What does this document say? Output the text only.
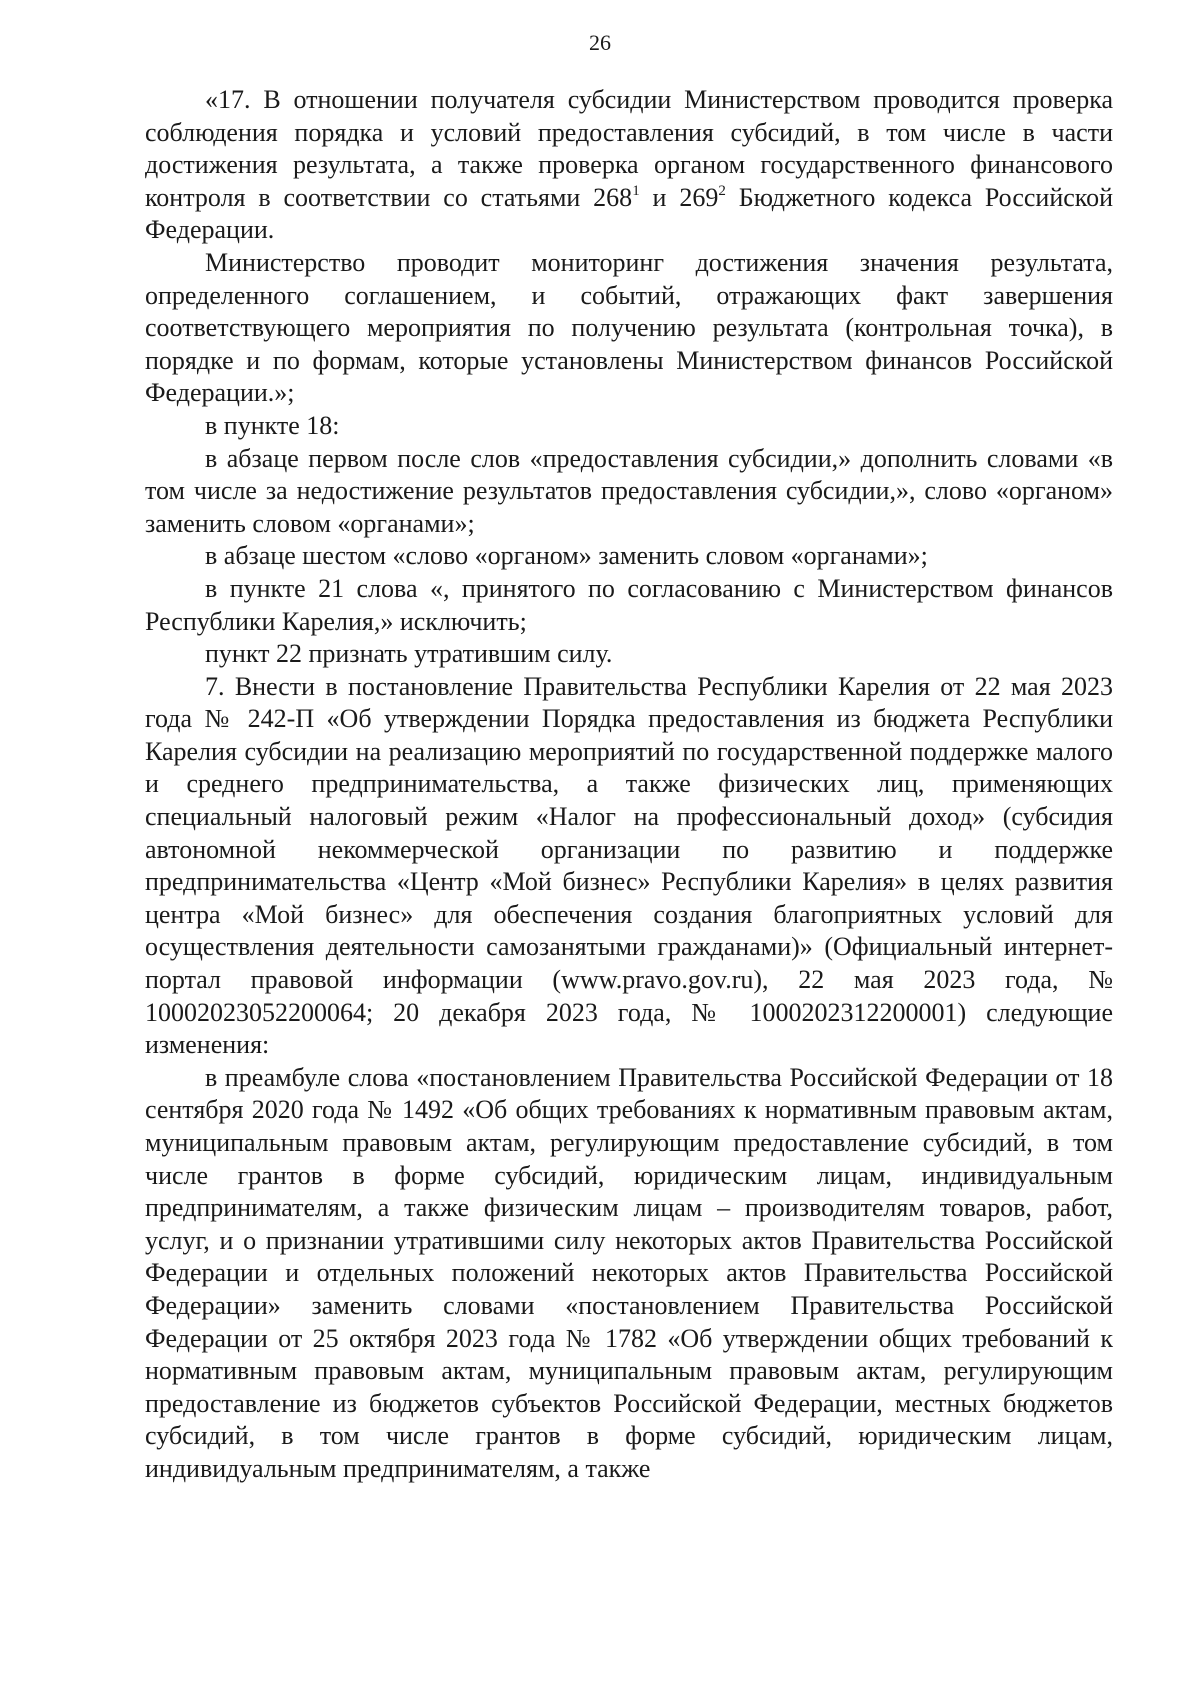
26

«17. В отношении получателя субсидии Министерством проводится проверка соблюдения порядка и условий предоставления субсидий, в том числе в части достижения результата, а также проверка органом государственного финансового контроля в соответствии со статьями $268^1$ и $269^2$ Бюджетного кодекса Российской Федерации.

Министерство проводит мониторинг достижения значения результата, определенного соглашением, и событий, отражающих факт завершения соответствующего мероприятия по получению результата (контрольная точка), в порядке и по формам, которые установлены Министерством финансов Российской Федерации.»;

в пункте 18:

в абзаце первом после слов «предоставления субсидии,» дополнить словами «в том числе за недостижение результатов предоставления субсидии,», слово «органом» заменить словом «органами»;

в абзаце шестом «слово «органом» заменить словом «органами»;

в пункте 21 слова «, принятого по согласованию с Министерством финансов Республики Карелия,» исключить;

пункт 22 признать утратившим силу.

7. Внести в постановление Правительства Республики Карелия от 22 мая 2023 года № 242-П «Об утверждении Порядка предоставления из бюджета Республики Карелия субсидии на реализацию мероприятий по государственной поддержке малого и среднего предпринимательства, а также физических лиц, применяющих специальный налоговый режим «Налог на профессиональный доход» (субсидия автономной некоммерческой организации по развитию и поддержке предпринимательства «Центр «Мой бизнес» Республики Карелия» в целях развития центра «Мой бизнес» для обеспечения создания благоприятных условий для осуществления деятельности самозанятыми гражданами)» (Официальный интернет-портал правовой информации (www.pravo.gov.ru), 22 мая 2023 года, № 10002023052200064; 20 декабря 2023 года, № 1000202312200001) следующие изменения:

в преамбуле слова «постановлением Правительства Российской Федерации от 18 сентября 2020 года № 1492 «Об общих требованиях к нормативным правовым актам, муниципальным правовым актам, регулирующим предоставление субсидий, в том числе грантов в форме субсидий, юридическим лицам, индивидуальным предпринимателям, а также физическим лицам – производителям товаров, работ, услуг, и о признании утратившими силу некоторых актов Правительства Российской Федерации и отдельных положений некоторых актов Правительства Российской Федерации» заменить словами «постановлением Правительства Российской Федерации от 25 октября 2023 года № 1782 «Об утверждении общих требований к нормативным правовым актам, муниципальным правовым актам, регулирующим предоставление из бюджетов субъектов Российской Федерации, местных бюджетов субсидий, в том числе грантов в форме субсидий, юридическим лицам, индивидуальным предпринимателям, а также
